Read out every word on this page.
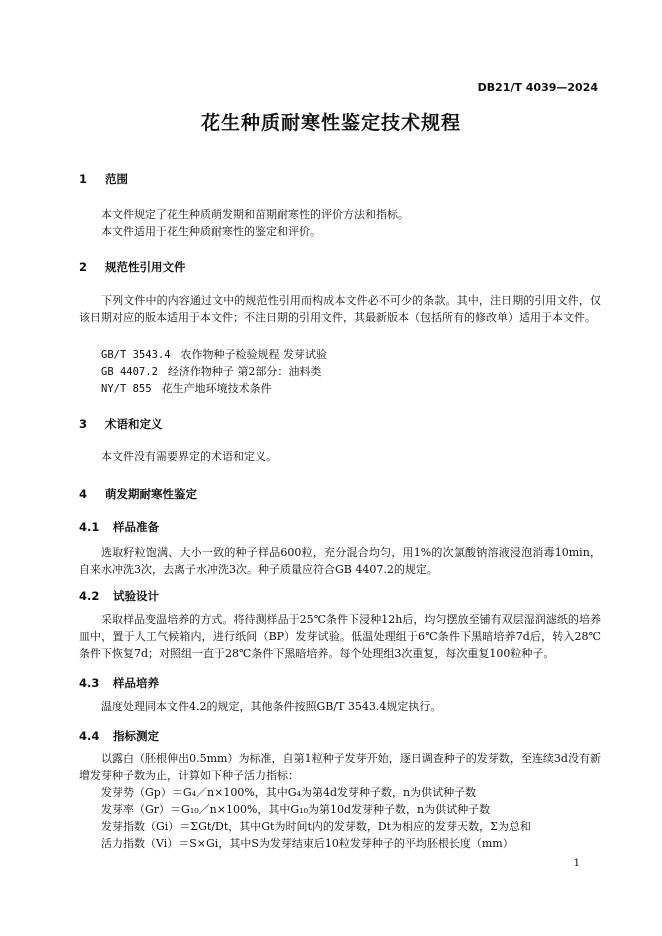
DB21/T 4039—2024
花生种质耐寒性鉴定技术规程
1 范围
本文件规定了花生种质萌发期和苗期耐寒性的评价方法和指标。
本文件适用于花生种质耐寒性的鉴定和评价。
2 规范性引用文件
下列文件中的内容通过文中的规范性引用而构成本文件必不可少的条款。其中，注日期的引用文件，仅该日期对应的版本适用于本文件；不注日期的引用文件，其最新版本（包括所有的修改单）适用于本文件。
GB/T 3543.4 农作物种子检验规程 发芽试验
GB 4407.2 经济作物种子 第2部分：油料类
NY/T 855 花生产地环境技术条件
3 术语和定义
本文件没有需要界定的术语和定义。
4 萌发期耐寒性鉴定
4.1 样品准备
选取籽粒饱满、大小一致的种子样品600粒，充分混合均匀，用1%的次氯酸钠溶液浸泡消毒10min，自来水冲洗3次，去离子水冲洗3次。种子质量应符合GB 4407.2的规定。
4.2 试验设计
采取样品变温培养的方式。将待测样品于25℃条件下浸种12h后，均匀摆放至铺有双层湿润滤纸的培养皿中，置于人工气候箱内，进行纸间（BP）发芽试验。低温处理组于6℃条件下黑暗培养7d后，转入28℃条件下恢复7d；对照组一直于28℃条件下黑暗培养。每个处理组3次重复，每次重复100粒种子。
4.3 样品培养
温度处理同本文件4.2的规定，其他条件按照GB/T 3543.4规定执行。
4.4 指标测定
以露白（胚根伸出0.5mm）为标准，自第1粒种子发芽开始，逐日调查种子的发芽数，至连续3d没有新增发芽种子数为止，计算如下种子活力指标：
发芽势（Gp）＝G₄／n×100%，其中G₄为第4d发芽种子数，n为供试种子数
发芽率（Gr）＝G₁₀／n×100%，其中G₁₀为第10d发芽种子数，n为供试种子数
发芽指数（Gi）＝ΣGt/Dt，其中Gt为时间t内的发芽数，Dt为相应的发芽天数，Σ为总和
活力指数（Vi）＝S×Gi，其中S为发芽结束后10粒发芽种子的平均胚根长度（mm）
1
